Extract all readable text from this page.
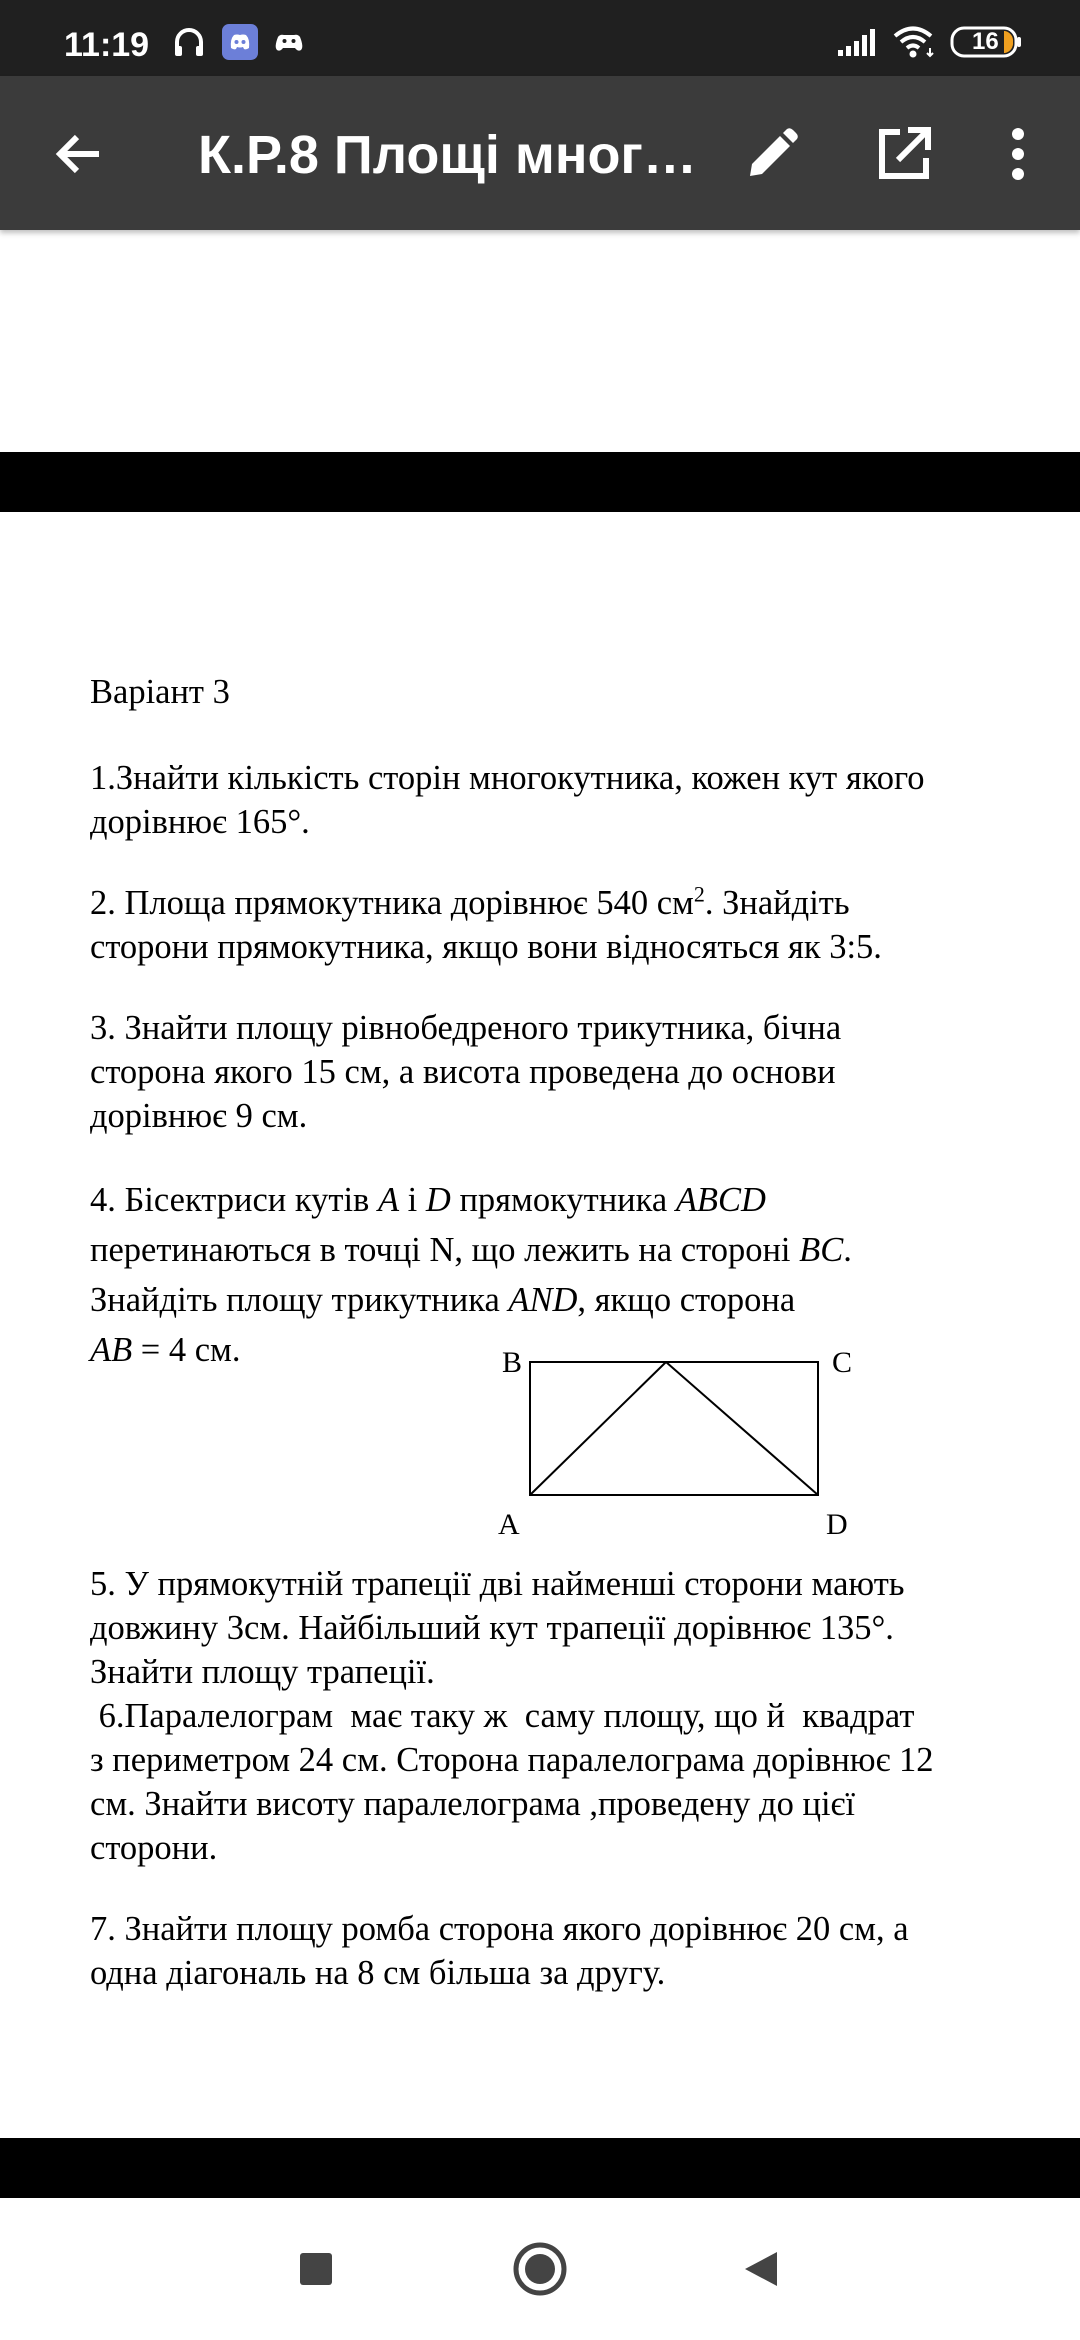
11:19	16
К.Р.8 Площі мног…

Варіант 3

1.Знайти кількість сторін многокутника, кожен кут якого

дорівнює 165°.

2. Площа прямокутника дорівнює 540 $см^2$. Знайдіть

сторони прямокутника, якщо вони відносяться як 3:5.

3. Знайти площу рівнобедреного трикутника, бічна

сторона якого 15 см, а висота проведена до основи

дорівнює 9 см.

4. Бісектриси кутів A і D прямокутника ABCD

перетинаються в точці N, що лежить на стороні BC.

Знайдіть площу трикутника AND, якщо сторона

AB = 4 см.	B	C
A	D

5. У прямокутній трапеції дві найменші сторони мають

довжину 3см. Найбільший кут трапеції дорівнює 135°.

Знайти площу трапеції.

6.Паралелограм  має таку ж  саму площу, що й  квадрат

з периметром 24 см. Сторона паралелограма дорівнює 12

см. Знайти висоту паралелограма ,проведену до цієї

сторони.

7. Знайти площу ромба сторона якого дорівнює 20 см, а

одна діагональ на 8 см більша за другу.
